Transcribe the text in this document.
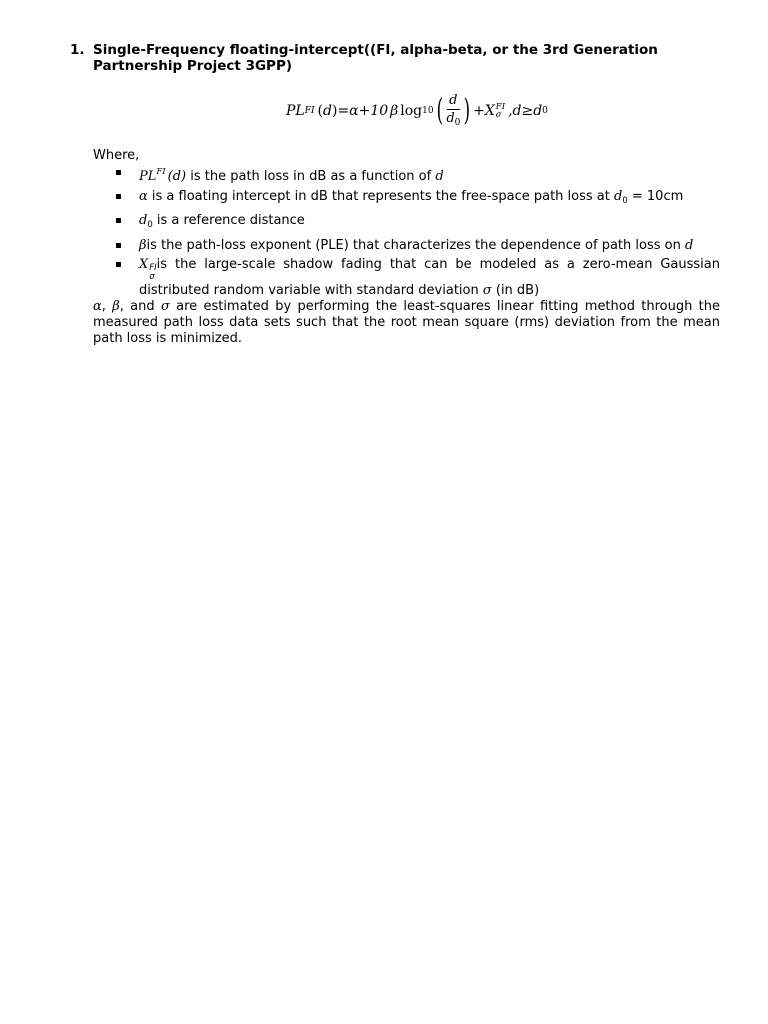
1. Single-Frequency floating-intercept((FI, alpha-beta, or the 3rd Generation
Partnership Project 3GPP)
PL FI ( d ) =α+10 β log 10 ( $\frac{d}{d_0}$ ) +X FI
σ ,d≥d 0
Where,
$PL^{FI}$ (d) is the path loss in dB as a function of d
α is a floating intercept in dB that represents the free-space path loss at $d_0 = 10cm$
$d_0$ is a reference distance
βis the path-loss exponent (PLE) that characterizes the dependence of path loss on d
X FI
σ
is the large-scale shadow fading that can be modeled as a zero-mean Gaussian distributed random variable with standard deviation σ (in dB)
α, β, and σ are estimated by performing the least-squares linear fitting method through the measured path loss data sets such that the root mean square (rms) deviation from the mean path loss is minimized.
